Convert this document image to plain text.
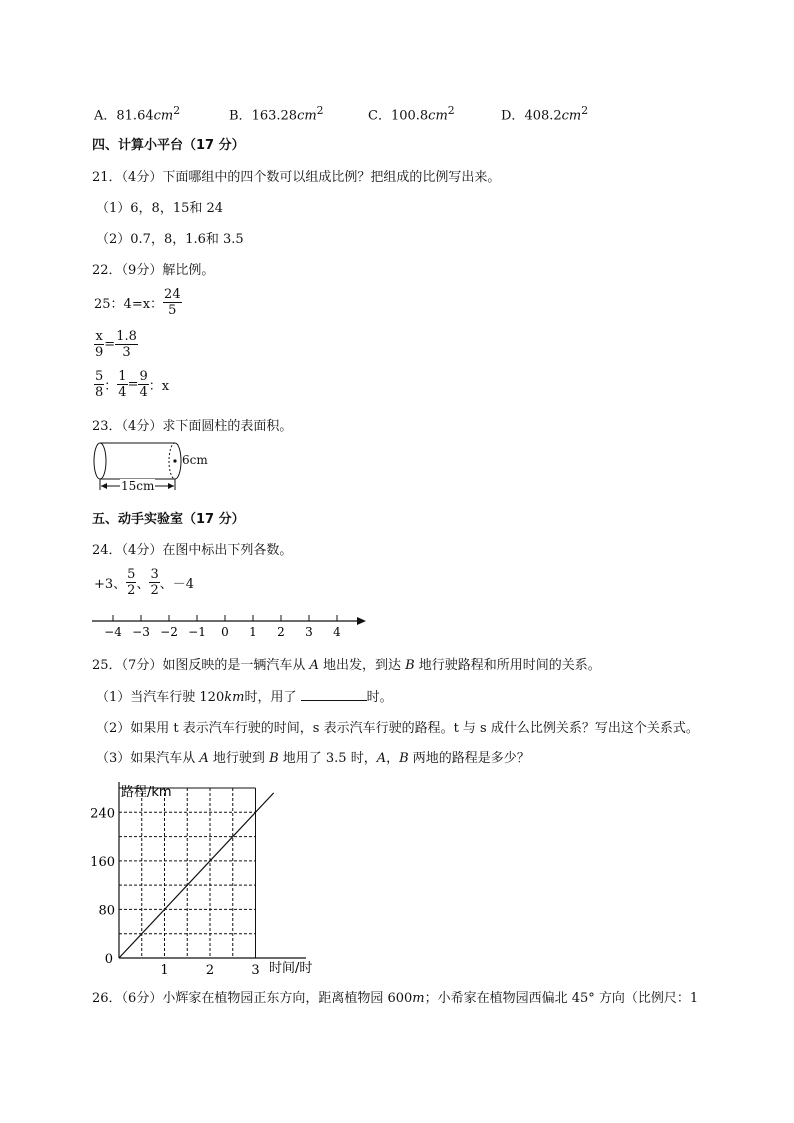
A．$81.64cm^2$	B．$163.28cm^2$	C．$100.8cm^2$	D．$408.2cm^2$
四、计算小平台（17 分）
21．（4分）下面哪组中的四个数可以组成比例？把组成的比例写出来。
（1）6，8，15和 24
（2）0.7，8，1.6和 3.5
22．（9分）解比例。
25：4=x： $\frac{24}{5}$
$\frac{x}{9} = \frac{1.8}{3}$
$\frac{5}{8}$ ： $\frac{1}{4} = \frac{9}{4}$ ：x
23．（4分）求下面圆柱的表面积。
6cm
15cm
五、动手实验室（17 分）
24．（4分）在图中标出下列各数。
+3、 $\frac{5}{2}$ 、 $\frac{3}{2}$ 、－4
−4 −3 −2 −1 0 1 2 3 4
25．（7分）如图反映的是一辆汽车从 A 地出发，到达 B 地行驶路程和所用时间的关系。
（1）当汽车行驶 120km时，用了	时。
（2）如果用 t 表示汽车行驶的时间，s 表示汽车行驶的路程。t 与 s 成什么比例关系？写出这个关系式。
（3）如果汽车从 A 地行驶到 B 地用了 3.5 时，A，B 两地的路程是多少？
1	2	3
0
80
160
240
路程/km
时间/时
26．（6分）小辉家在植物园正东方向，距离植物园 600m；小希家在植物园西偏北 45° 方向（比例尺：1
